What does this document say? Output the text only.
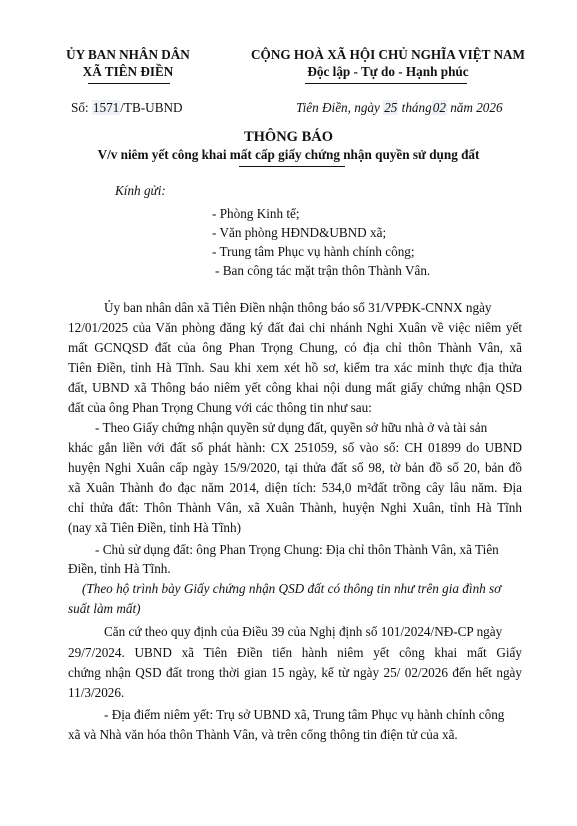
ỦY BAN NHÂN DÂN
XÃ TIÊN ĐIỀN
CỘNG HOÀ XÃ HỘI CHỦ NGHĨA VIỆT NAM
Độc lập - Tự do - Hạnh phúc
Số: 1571/TB-UBND	Tiên Điền, ngày 25 tháng02 năm 2026
THÔNG BÁO
V/v niêm yết công khai mất cấp giấy chứng nhận quyền sử dụng đất
Kính gửi:
- Phòng Kinh tế;
- Văn phòng HĐND&UBND xã;
- Trung tâm Phục vụ hành chính công;
- Ban công tác mặt trận thôn Thành Vân.
Ủy ban nhân dân xã Tiên Điền nhận thông báo số 31/VPĐK-CNNX ngày
12/01/2025 của Văn phòng đăng ký đất đai chi nhánh Nghi Xuân về việc niêm yết
mất GCNQSD đất của ông Phan Trọng Chung, có địa chỉ thôn Thành Vân, xã
Tiên Điền, tỉnh Hà Tĩnh. Sau khi xem xét hồ sơ, kiểm tra xác minh thực địa thửa
đất, UBND xã Thông báo niêm yết công khai nội dung mất giấy chứng nhận QSD
đất của ông Phan Trọng Chung với các thông tin như sau:
- Theo Giấy chứng nhận quyền sử dụng đất, quyền sở hữu nhà ở và tài sản
khác gắn liền với đất số phát hành: CX 251059, số vào sổ: CH 01899 do UBND
huyện Nghi Xuân cấp ngày 15/9/2020, tại thửa đất số 98, tờ bản đồ số 20, bản đồ
xã Xuân Thành đo đạc năm 2014, diện tích: 534,0 m²đất trồng cây lâu năm. Địa
chỉ thửa đất: Thôn Thành Vân, xã Xuân Thành, huyện Nghi Xuân, tỉnh Hà Tĩnh
(nay xã Tiên Điền, tỉnh Hà Tĩnh)
- Chủ sử dụng đất: ông Phan Trọng Chung: Địa chỉ thôn Thành Vân, xã Tiên
Điền, tỉnh Hà Tĩnh.
(Theo hộ trình bày Giấy chứng nhận QSD đất có thông tin như trên gia đình sơ
suất làm mất)
Căn cứ theo quy định của Điều 39 của Nghị định số 101/2024/NĐ-CP ngày
29/7/2024. UBND xã Tiên Điền tiến hành niêm yết công khai mất Giấy
chứng nhận QSD đất trong thời gian 15 ngày, kể từ ngày 25/ 02/2026 đến hết ngày
11/3/2026.
- Địa điểm niêm yết: Trụ sở UBND xã, Trung tâm Phục vụ hành chính công
xã và Nhà văn hóa thôn Thành Vân, và trên cổng thông tin điện tử của xã.
